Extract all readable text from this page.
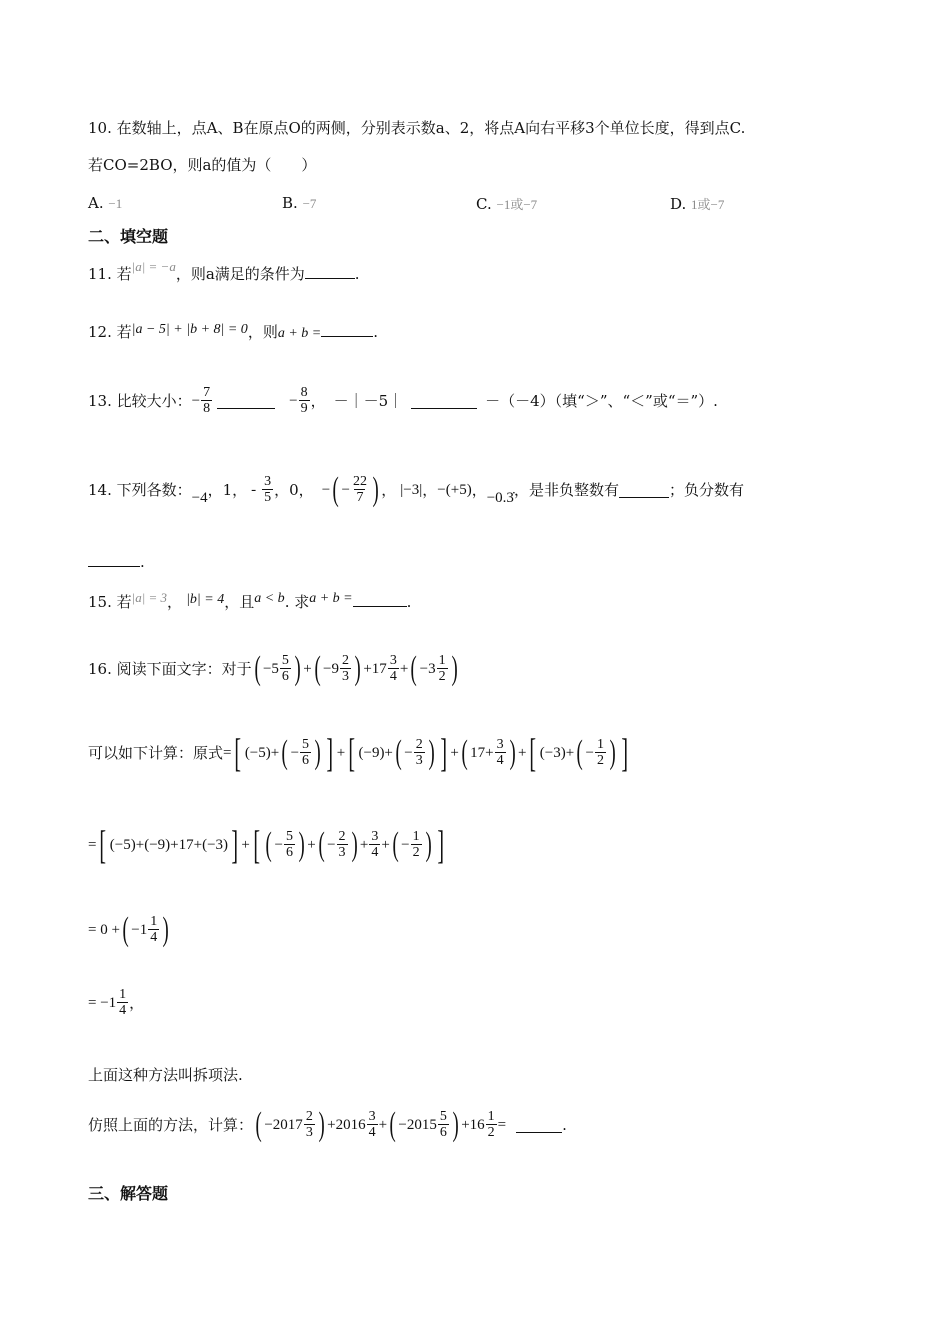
10. 在数轴上，点A、B在原点O的两侧，分别表示数a、2，将点A向右平移3个单位长度，得到点C.
若CO=2BO，则a的值为（　　）
A. −1	B. −7	C. −1或−7	D. 1或−7
二、填空题
11. 若|a| = −a，则a满足的条件为	.
12. 若|a − 5| + |b + 8| = 0，则a + b =	.
13. 比较大小： − $\frac{7}{8}$	− $\frac{8}{9}$ ， －｜－5｜	－（－4）（填“＞”、“＜”或“＝”）.
14. 下列各数： −4 ，1， - $\frac{3}{5}$ ，0， − ( − $\frac{22}{7}$ ) ， |−3| ， −(+5) ， −0.3̇ ，是非负整数有	；负分数有
.
15. 若|a| = 3， |b| = 4，且a < b. 求a + b =	.
16. 阅读下面文字：对于 ( $-5 \frac{5}{6}$ ) + ( $-9 \frac{2}{3}$ ) $+17 \frac{3}{4}$ + ( $-3 \frac{1}{2}$ )
可以如下计算：原式 = [ (−5)+ ( − $\frac{5}{6}$ ) ] + [ (−9)+ ( − $\frac{2}{3}$ ) ] + ( $17+ \frac{3}{4}$ ) + [ (−3)+ ( − $\frac{1}{2}$ ) ]
= [ (−5)+(−9)+17+(−3) ] + [ ( − $\frac{5}{6}$ ) + ( − $\frac{2}{3}$ ) + $\frac{3}{4}$ + ( − $\frac{1}{2}$ ) ]
= 0 + ( $-1 \frac{1}{4}$ )
= $-1 \frac{1}{4}$ ，
上面这种方法叫拆项法.
仿照上面的方法，计算： ( $-2017 \frac{2}{3}$ ) $+2016 \frac{3}{4}$ + ( $-2015 \frac{5}{6}$ ) $+16 \frac{1}{2}$ =	.
三、解答题
